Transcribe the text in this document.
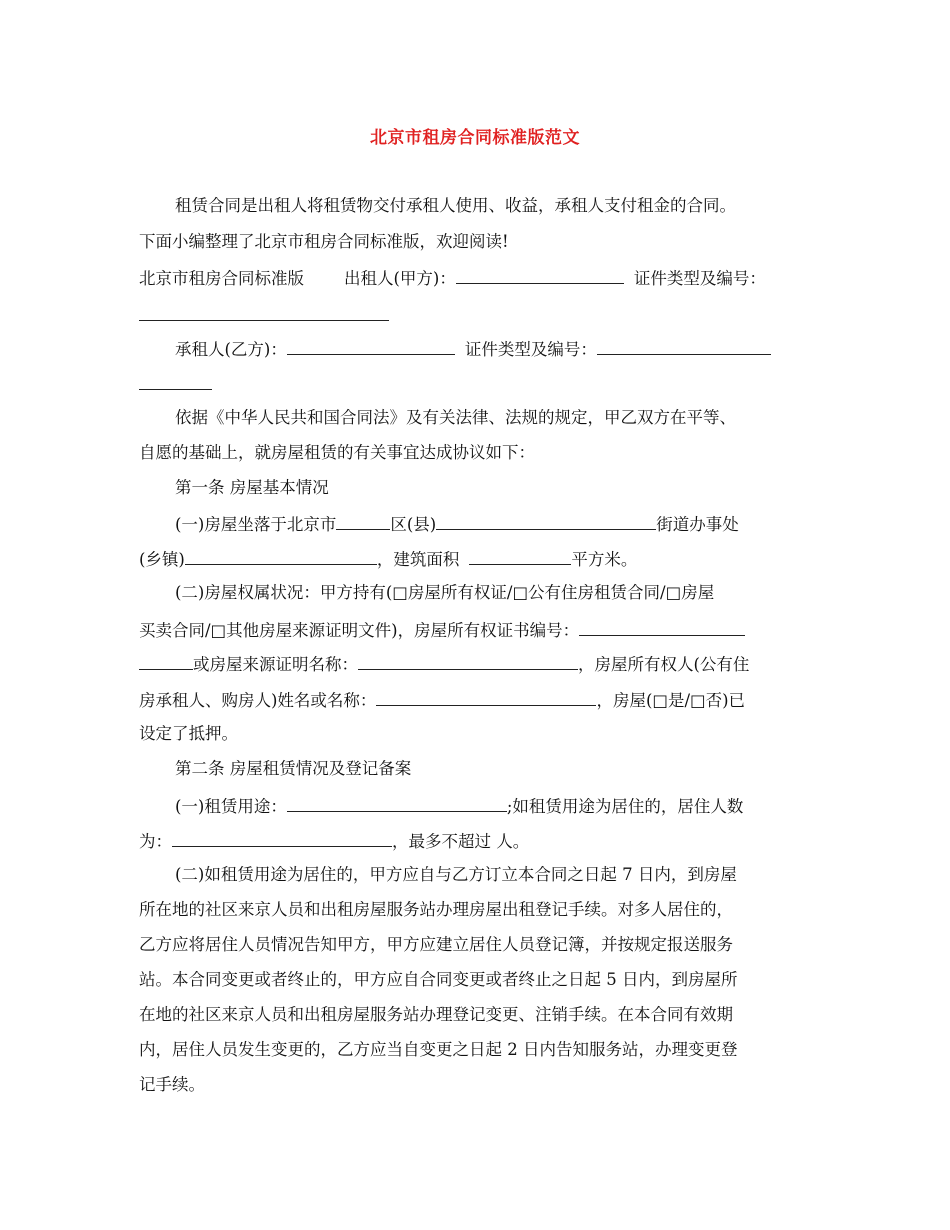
北京市租房合同标准版范文
租赁合同是出租人将租赁物交付承租人使用、收益，承租人支付租金的合同。
下面小编整理了北京市租房合同标准版，欢迎阅读!
北京市租房合同标准版 出租人(甲方)：	证件类型及编号：
承租人(乙方)：	证件类型及编号：
依据《中华人民共和国合同法》及有关法律、法规的规定，甲乙双方在平等、
自愿的基础上，就房屋租赁的有关事宜达成协议如下：
第一条 房屋基本情况
(一)房屋坐落于北京市	区(县)	街道办事处
(乡镇)	，建筑面积	平方米。
(二)房屋权属状况：甲方持有(□房屋所有权证/□公有住房租赁合同/□房屋
买卖合同/□其他房屋来源证明文件)，房屋所有权证书编号：
或房屋来源证明名称：	，房屋所有权人(公有住
房承租人、购房人)姓名或名称：	，房屋(□是/□否)已
设定了抵押。
第二条 房屋租赁情况及登记备案
(一)租赁用途：	;如租赁用途为居住的，居住人数
为：	，最多不超过 人。
(二)如租赁用途为居住的，甲方应自与乙方订立本合同之日起 7 日内，到房屋
所在地的社区来京人员和出租房屋服务站办理房屋出租登记手续。对多人居住的，
乙方应将居住人员情况告知甲方，甲方应建立居住人员登记簿，并按规定报送服务
站。本合同变更或者终止的，甲方应自合同变更或者终止之日起 5 日内，到房屋所
在地的社区来京人员和出租房屋服务站办理登记变更、注销手续。在本合同有效期
内，居住人员发生变更的，乙方应当自变更之日起 2 日内告知服务站，办理变更登
记手续。
